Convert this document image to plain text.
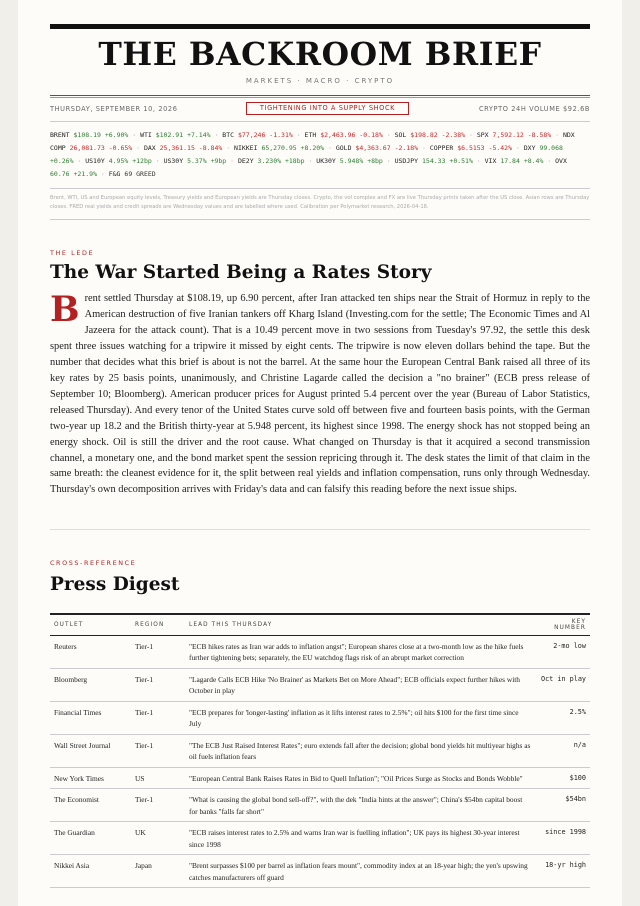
THE BACKROOM BRIEF
MARKETS · MACRO · CRYPTO
THURSDAY, SEPTEMBER 10, 2026	TIGHTENING INTO A SUPPLY SHOCK	CRYPTO 24H VOLUME $92.6B
BRENT $108.19 +6.90% · WTI $102.91 +7.14% · BTC $77,246 -1.31% · ETH $2,463.96 -0.18% · SOL $198.82 -2.38% · SPX 7,592.12 -8.58% · NDX COMP 26,081.73 -0.65% · DAX 25,361.15 -8.84% · NIKKEI 65,270.95 +8.20% · GOLD $4,363.67 -2.18% · COPPER $6.5153 -5.42% · DXY 99.068 +0.26% · US10Y 4.95% +12bp · US30Y 5.37% +9bp · DE2Y 3.230% +18bp · UK30Y 5.948% +8bp · USDJPY 154.33 +0.51% · VIX 17.84 +8.4% · OVX 60.76 +21.9% · F&G 69 GREED
Brent, WTI, US and European equity levels, Treasury yields and European yields are Thursday closes. Crypto, the vol complex and FX are live Thursday prints taken after the US close. Asian rows are Thursday closes. FRED real yields and credit spreads are Wednesday values and are labelled where used. Calibration per Polymarket research, 2026-04-18.
THE LEDE
The War Started Being a Rates Story
Brent settled Thursday at $108.19, up 6.90 percent, after Iran attacked ten ships near the Strait of Hormuz in reply to the American destruction of five Iranian tankers off Kharg Island (Investing.com for the settle; The Economic Times and Al Jazeera for the attack count). That is a 10.49 percent move in two sessions from Tuesday's 97.92, the settle this desk spent three issues watching for a tripwire it missed by eight cents. The tripwire is now eleven dollars behind the tape. But the number that decides what this brief is about is not the barrel. At the same hour the European Central Bank raised all three of its key rates by 25 basis points, unanimously, and Christine Lagarde called the decision a "no brainer" (ECB press release of September 10; Bloomberg). American producer prices for August printed 5.4 percent over the year (Bureau of Labor Statistics, released Thursday). And every tenor of the United States curve sold off between five and fourteen basis points, with the German two-year up 18.2 and the British thirty-year at 5.948 percent, its highest since 1998. The energy shock has not stopped being an energy shock. Oil is still the driver and the root cause. What changed on Thursday is that it acquired a second transmission channel, a monetary one, and the bond market spent the session repricing through it. The desk states the limit of that claim in the same breath: the cleanest evidence for it, the split between real yields and inflation compensation, runs only through Wednesday. Thursday's own decomposition arrives with Friday's data and can falsify this reading before the next issue ships.
CROSS-REFERENCE
Press Digest
OUTLET	REGION	LEAD THIS THURSDAY	KEY NUMBER
Reuters	Tier-1	"ECB hikes rates as Iran war adds to inflation angst"; European shares close at a two-month low as the hike fuels further tightening bets; separately, the EU watchdog flags risk of an abrupt market correction	2-mo low
Bloomberg	Tier-1	"Lagarde Calls ECB Hike 'No Brainer' as Markets Bet on More Ahead"; ECB officials expect further hikes with October in play	Oct in play
Financial Times	Tier-1	"ECB prepares for 'longer-lasting' inflation as it lifts interest rates to 2.5%"; oil hits $100 for the first time since July	2.5%
Wall Street Journal	Tier-1	"The ECB Just Raised Interest Rates"; euro extends fall after the decision; global bond yields hit multiyear highs as oil fuels inflation fears	n/a
New York Times	US	"European Central Bank Raises Rates in Bid to Quell Inflation"; "Oil Prices Surge as Stocks and Bonds Wobble"	$100
The Economist	Tier-1	"What is causing the global bond sell-off?", with the dek "India hints at the answer"; China's $54bn capital boost for banks "falls far short"	$54bn
The Guardian	UK	"ECB raises interest rates to 2.5% and warns Iran war is fuelling inflation"; UK pays its highest 30-year interest since 1998	since 1998
Nikkei Asia	Japan	"Brent surpasses $100 per barrel as inflation fears mount", commodity index at an 18-year high; the yen's upswing catches manufacturers off guard	18-yr high
